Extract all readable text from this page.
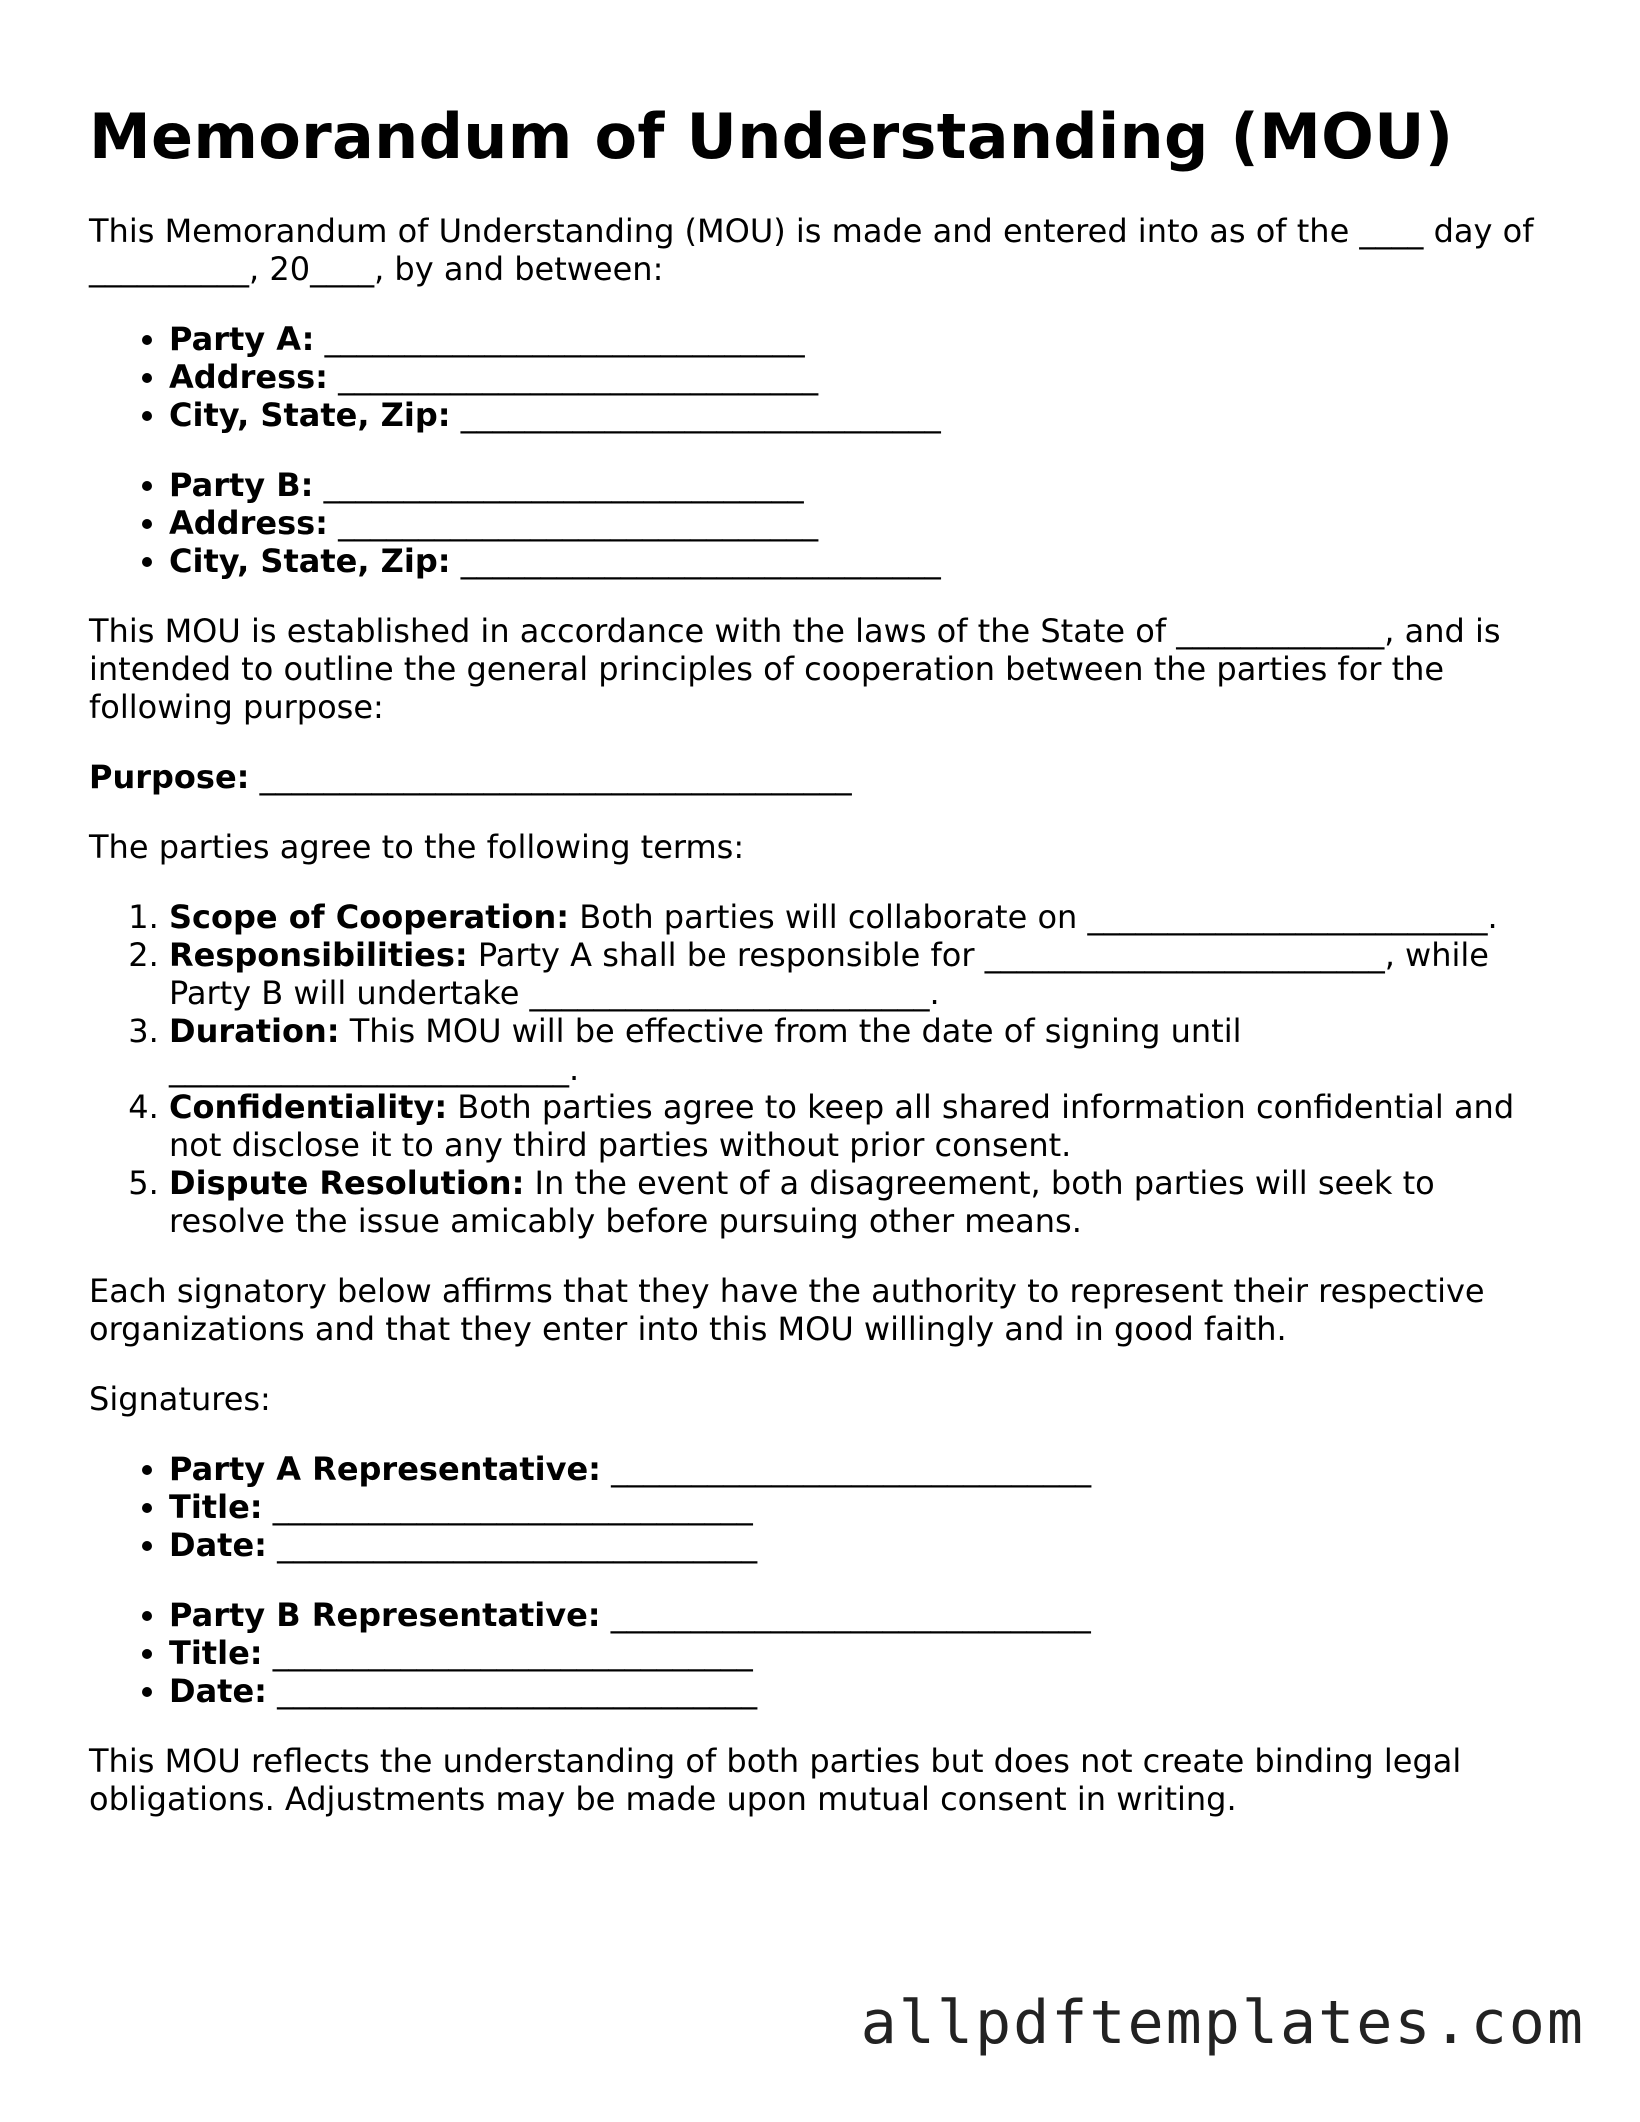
Memorandum of Understanding (MOU)

This Memorandum of Understanding (MOU) is made and entered into as of the ____ day of __________, 20____, by and between:

• Party A: ______________________________
• Address: ______________________________
• City, State, Zip: ______________________________
• Party B: ______________________________
• Address: ______________________________
• City, State, Zip: ______________________________

This MOU is established in accordance with the laws of the State of _____________, and is intended to outline the general principles of cooperation between the parties for the following purpose:

Purpose: _____________________________________

The parties agree to the following terms:

1. Scope of Cooperation: Both parties will collaborate on _________________________.
2. Responsibilities: Party A shall be responsible for _________________________, while Party B will undertake _________________________.
3. Duration: This MOU will be effective from the date of signing until _________________________.
4. Confidentiality: Both parties agree to keep all shared information confidential and not disclose it to any third parties without prior consent.
5. Dispute Resolution: In the event of a disagreement, both parties will seek to resolve the issue amicably before pursuing other means.

Each signatory below affirms that they have the authority to represent their respective organizations and that they enter into this MOU willingly and in good faith.

Signatures:

• Party A Representative: ______________________________
• Title: ______________________________
• Date: ______________________________
• Party B Representative: ______________________________
• Title: ______________________________
• Date: ______________________________

This MOU reflects the understanding of both parties but does not create binding legal obligations. Adjustments may be made upon mutual consent in writing.

allpdftemplates.com
